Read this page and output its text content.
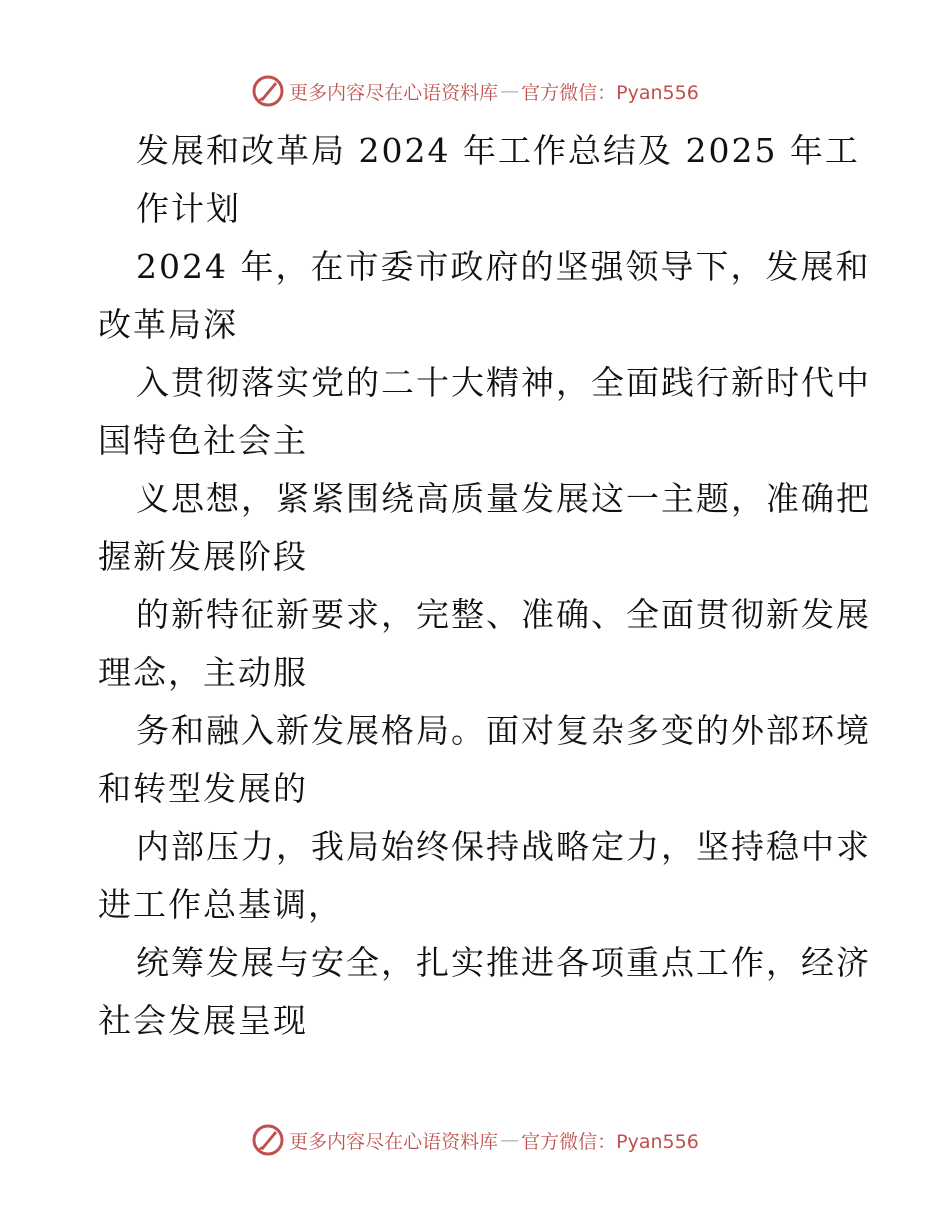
更多内容尽在心语资料库 — 官方微信：Pyan556
发展和改革局 2024 年工作总结及 2025 年工
作计划
2024 年，在市委市政府的坚强领导下，发展和
改革局深
入贯彻落实党的二十大精神，全面践行新时代中
国特色社会主
义思想，紧紧围绕高质量发展这一主题，准确把
握新发展阶段
的新特征新要求，完整、准确、全面贯彻新发展
理念，主动服
务和融入新发展格局。面对复杂多变的外部环境
和转型发展的
内部压力，我局始终保持战略定力，坚持稳中求
进工作总基调，
统筹发展与安全，扎实推进各项重点工作，经济
社会发展呈现
更多内容尽在心语资料库 — 官方微信：Pyan556
